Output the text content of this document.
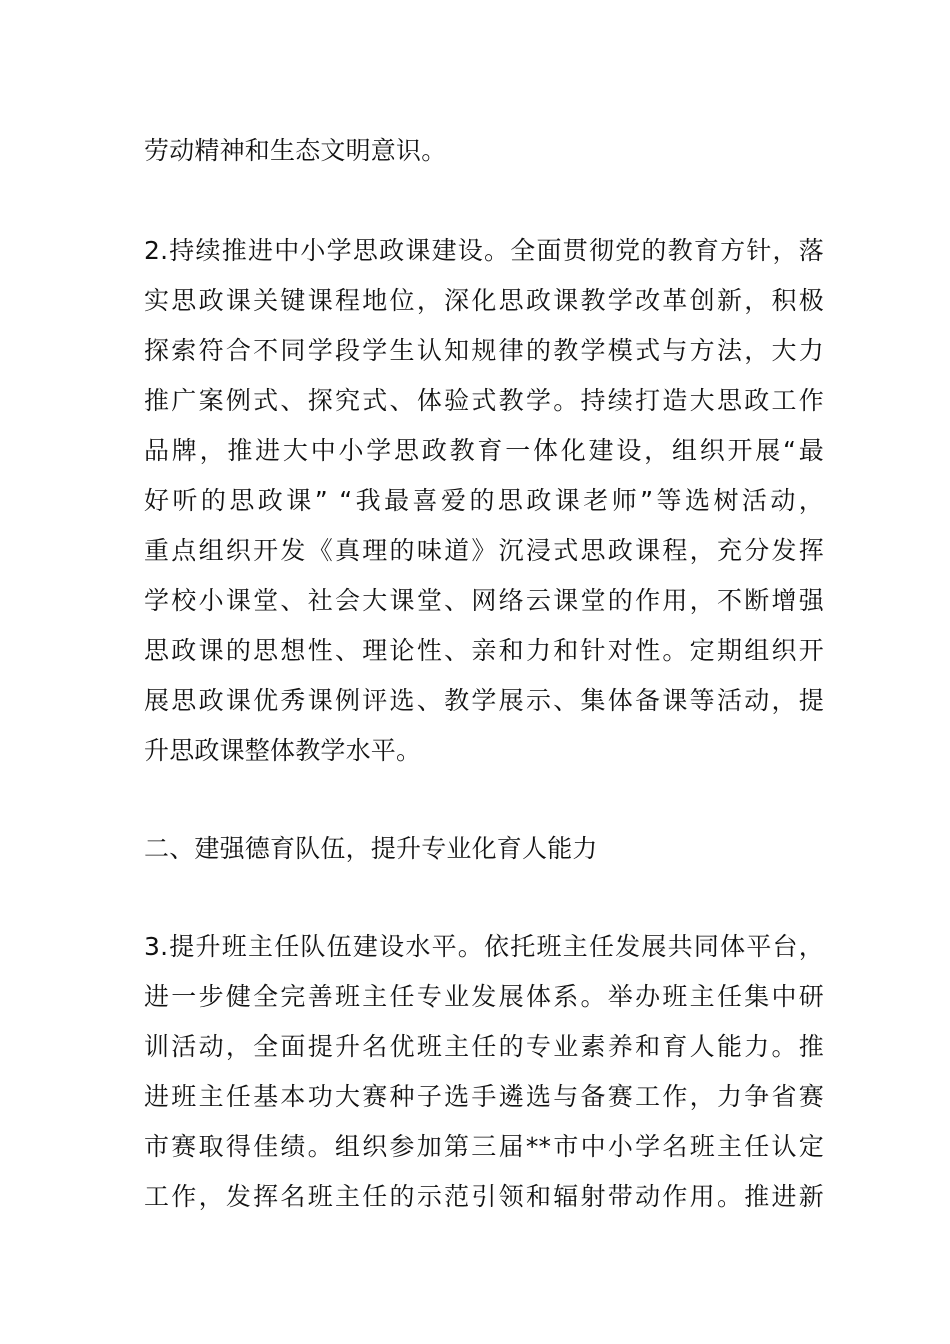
劳动精神和生态文明意识。
2.持续推进中小学思政课建设。全面贯彻党的教育方针，落
实思政课关键课程地位，深化思政课教学改革创新，积极
探索符合不同学段学生认知规律的教学模式与方法，大力
推广案例式、探究式、体验式教学。持续打造大思政工作
品牌，推进大中小学思政教育一体化建设，组织开展“最
好听的思政课” “我最喜爱的思政课老师”等选树活动，
重点组织开发《真理的味道》沉浸式思政课程，充分发挥
学校小课堂、社会大课堂、网络云课堂的作用，不断增强
思政课的思想性、理论性、亲和力和针对性。定期组织开
展思政课优秀课例评选、教学展示、集体备课等活动，提
升思政课整体教学水平。
二、建强德育队伍，提升专业化育人能力
3.提升班主任队伍建设水平。依托班主任发展共同体平台，
进一步健全完善班主任专业发展体系。举办班主任集中研
训活动，全面提升名优班主任的专业素养和育人能力。推
进班主任基本功大赛种子选手遴选与备赛工作，力争省赛
市赛取得佳绩。组织参加第三届**市中小学名班主任认定
工作，发挥名班主任的示范引领和辐射带动作用。推进新
